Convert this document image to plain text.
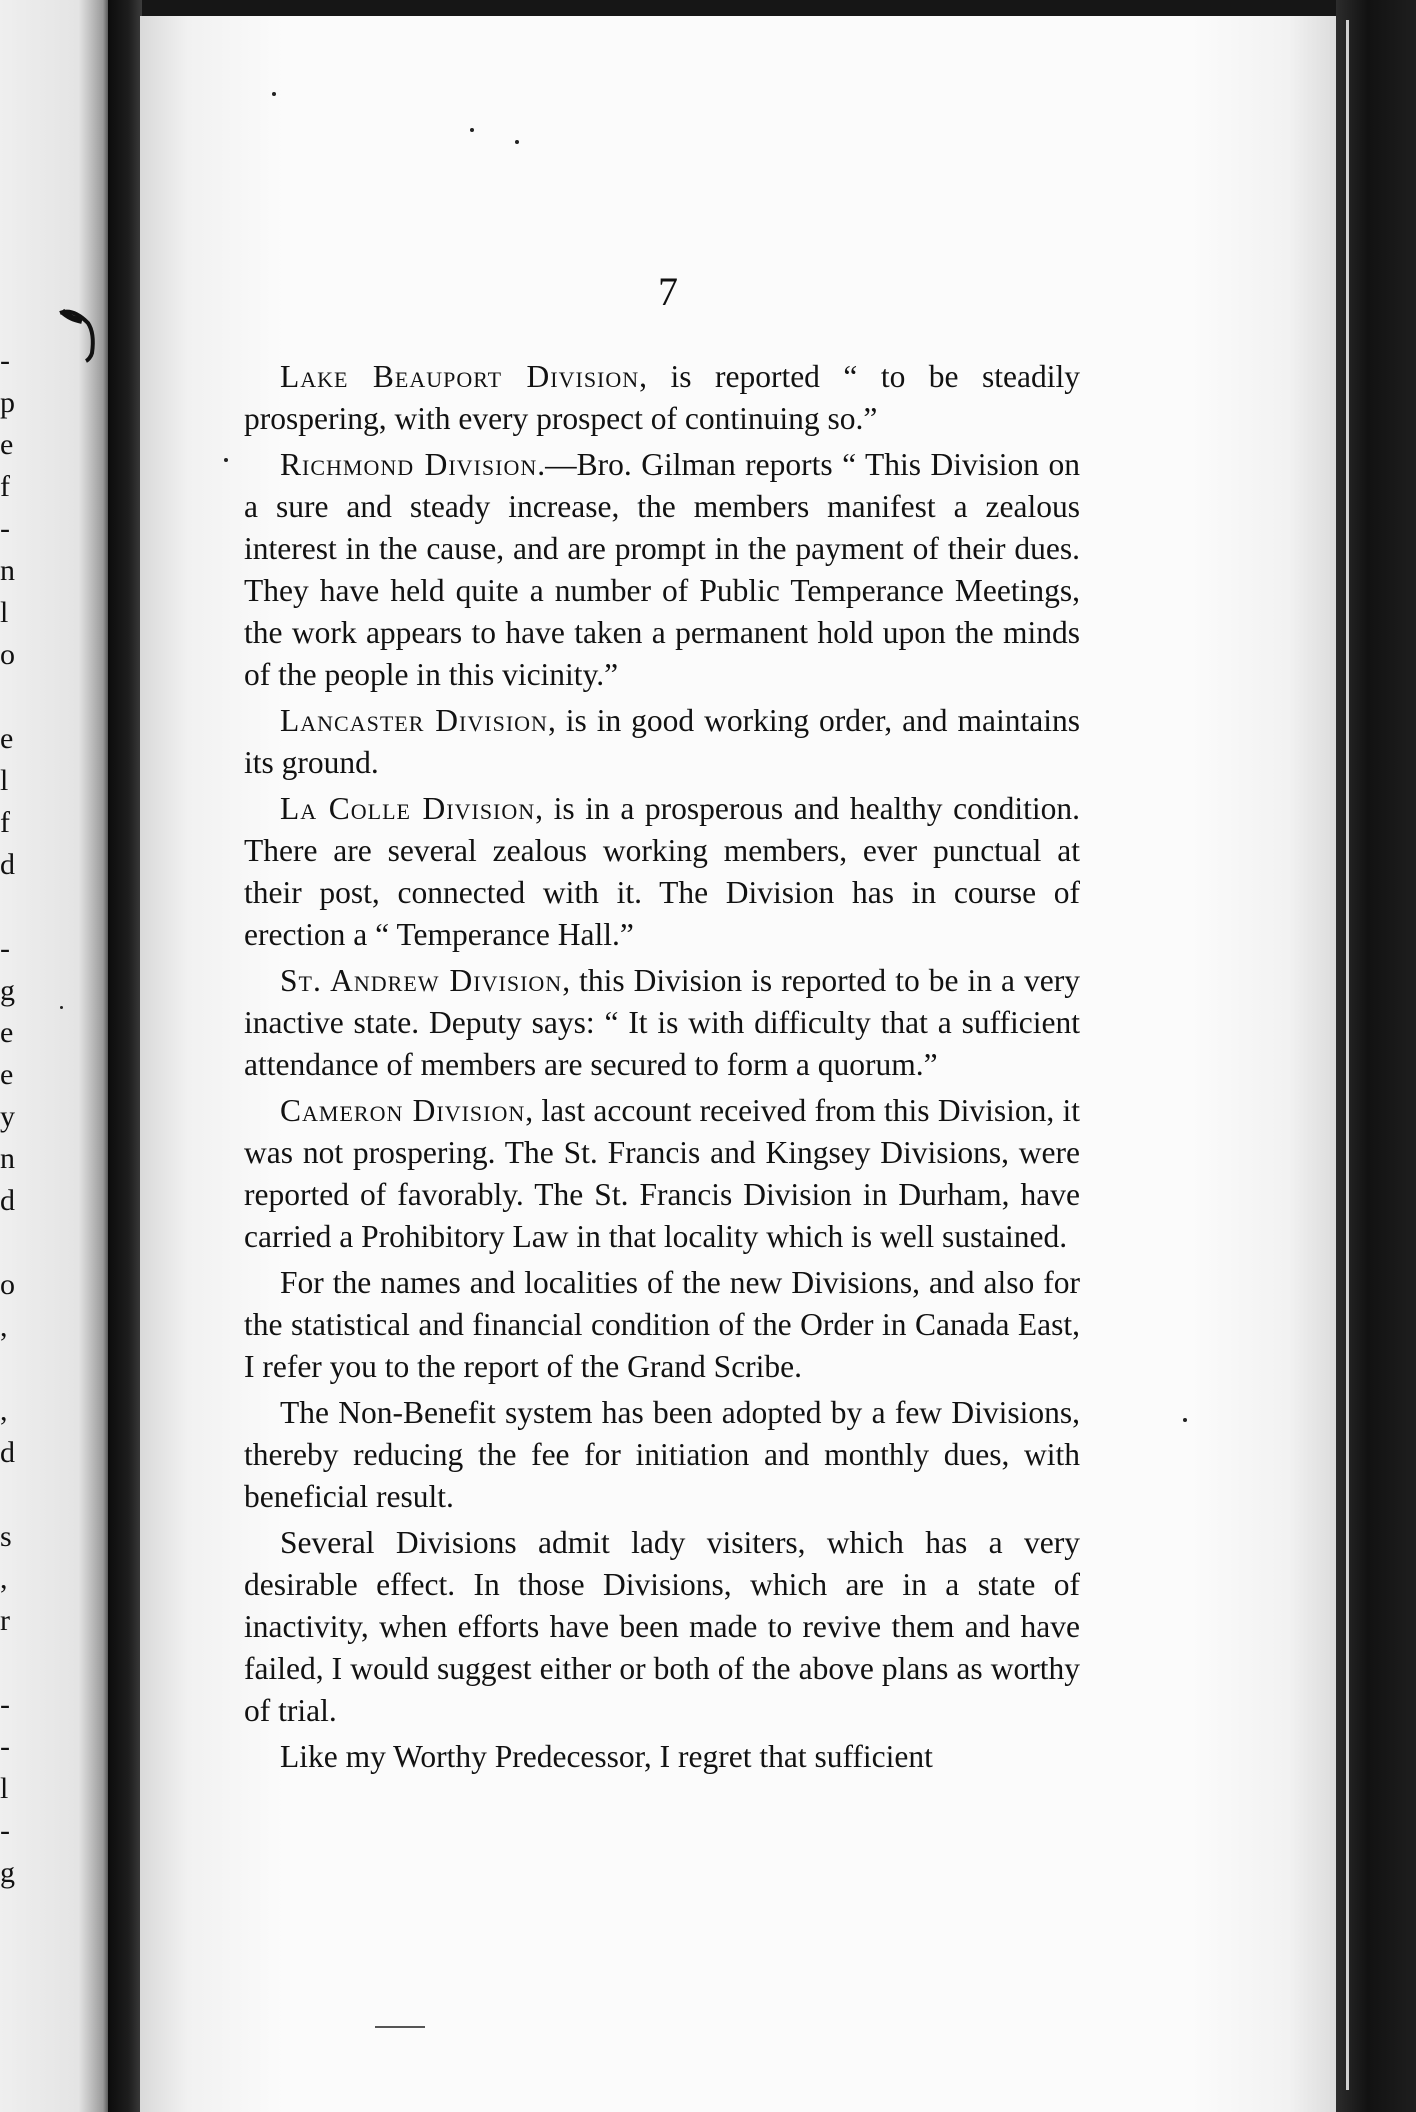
-
p
e
f
-
n
l
o
e
l
f
d
-
g
e
e
y
n
d
o
,
,
d
s
,
r
-
-
l
-
g
7

Lake Beauport Division, is reported “ to be steadily prospering, with every prospect of continuing so.”

Richmond Division.—Bro. Gilman reports “ This Division on a sure and steady increase, the members manifest a zealous interest in the cause, and are prompt in the payment of their dues. They have held quite a number of Public Temperance Meetings, the work appears to have taken a permanent hold upon the minds of the people in this vicinity.”

Lancaster Division, is in good working order, and maintains its ground.

La Colle Division, is in a prosperous and healthy condition. There are several zealous working members, ever punctual at their post, connected with it. The Division has in course of erection a “ Temperance Hall.”

St. Andrew Division, this Division is reported to be in a very inactive state. Deputy says: “ It is with difficulty that a sufficient attendance of members are secured to form a quorum.”

Cameron Division, last account received from this Division, it was not prospering. The St. Francis and Kingsey Divisions, were reported of favorably. The St. Francis Division in Durham, have carried a Prohibitory Law in that locality which is well sustained.

For the names and localities of the new Divisions, and also for the statistical and financial condition of the Order in Canada East, I refer you to the report of the Grand Scribe.

The Non-Benefit system has been adopted by a few Divisions, thereby reducing the fee for initiation and monthly dues, with beneficial result.

Several Divisions admit lady visiters, which has a very desirable effect. In those Divisions, which are in a state of inactivity, when efforts have been made to revive them and have failed, I would suggest either or both of the above plans as worthy of trial.

Like my Worthy Predecessor, I regret that sufficient
